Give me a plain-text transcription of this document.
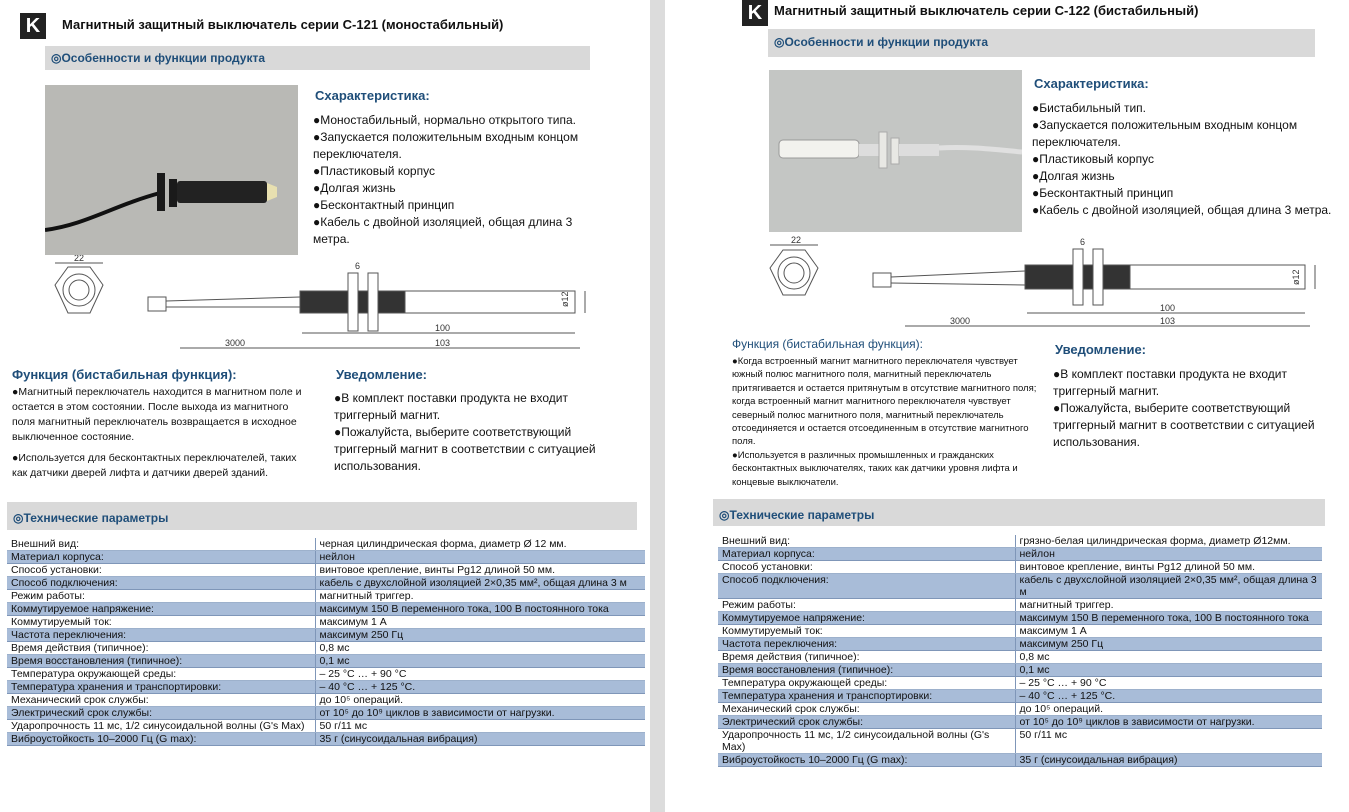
K	Магнитный защитный выключатель серии С-121 (моностабильный)
◎Особенности и функции продукта
Схарактеристика:

●Моностабильный, нормально открытого типа.

●Запускается положительным входным концом переключателя.

●Пластиковый корпус

●Долгая жизнь

●Бесконтактный принцип

●Кабель с двойной изоляцией, общая длина 3 метра.

22
6
ø12
3000
100
103
Функция (бистабильная функция):

●Магнитный переключатель находится в магнитном поле и остается в этом состоянии. После выхода из магнитного поля магнитный переключатель возвращается в исходное выключенное состояние.

●Используется для бесконтактных переключателей, таких как датчики дверей лифта и датчики дверей зданий.

Уведомление:

●В комплект поставки продукта не входит триггерный магнит.

●Пожалуйста, выберите соответствующий триггерный магнит в соответствии с ситуацией использования.

◎Технические параметры
Внешний вид:	черная цилиндрическая форма, диаметр Ø 12 мм.
Материал корпуса:	нейлон
Способ установки:	винтовое крепление, винты Pg12 длиной 50 мм.
Способ подключения:	кабель с двухслойной изоляцией 2×0,35 мм², общая длина 3 м
Режим работы:	магнитный триггер.
Коммутируемое напряжение:	максимум 150 В переменного тока, 100 В постоянного тока
Коммутируемый ток:	максимум 1 А
Частота переключения:	максимум 250 Гц
Время действия (типичное):	0,8 мс
Время восстановления (типичное):	0,1 мс
Температура окружающей среды:	– 25 °C … + 90 °C
Температура хранения и транспортировки:	– 40 °C … + 125 °C.
Механический срок службы:	до 10⁵ операций.
Электрический срок службы:	от 10⁵ до 10⁹ циклов в зависимости от нагрузки.
Ударопрочность 11 мс, 1/2 синусоидальной волны (G's Max)	50 г/11 мс
Виброустойкость 10–2000 Гц (G max):	35 г (синусоидальная вибрация)
K Магнитный защитный выключатель серии С-122 (бистабильный)
◎Особенности и функции продукта
Схарактеристика:

●Бистабильный тип.

●Запускается положительным входным концом переключателя.

●Пластиковый корпус

●Долгая жизнь

●Бесконтактный принцип

●Кабель с двойной изоляцией, общая длина 3 метра.

22	6
ø12
3000
100
103
Функция (бистабильная функция):

●Когда встроенный магнит магнитного переключателя чувствует южный полюс магнитного поля, магнитный переключатель притягивается и остается притянутым в отсутствие магнитного поля; когда встроенный магнит магнитного переключателя чувствует северный полюс магнитного поля, магнитный переключатель отсоединяется и остается отсоединенным в отсутствие магнитного поля.

●Используется в различных промышленных и гражданских бесконтактных выключателях, таких как датчики уровня лифта и концевые выключатели.

Уведомление:

●В комплект поставки продукта не входит триггерный магнит.

●Пожалуйста, выберите соответствующий триггерный магнит в соответствии с ситуацией использования.

◎Технические параметры
Внешний вид:	грязно-белая цилиндрическая форма, диаметр Ø12мм.
Материал корпуса:	нейлон
Способ установки:	винтовое крепление, винты Pg12 длиной 50 мм.
Способ подключения:	кабель с двухслойной изоляцией 2×0,35 мм², общая длина 3 м
Режим работы:	магнитный триггер.
Коммутируемое напряжение:	максимум 150 В переменного тока, 100 В постоянного тока
Коммутируемый ток:	максимум 1 А
Частота переключения:	максимум 250 Гц
Время действия (типичное):	0,8 мс
Время восстановления (типичное):	0,1 мс
Температура окружающей среды:	– 25 °C … + 90 °C
Температура хранения и транспортировки:	– 40 °C … + 125 °C.
Механический срок службы:	до 10⁵ операций.
Электрический срок службы:	от 10⁵ до 10⁹ циклов в зависимости от нагрузки.
Ударопрочность 11 мс, 1/2 синусоидальной волны (G's Max)	50 г/11 мс
Виброустойкость 10–2000 Гц (G max):	35 г (синусоидальная вибрация)
